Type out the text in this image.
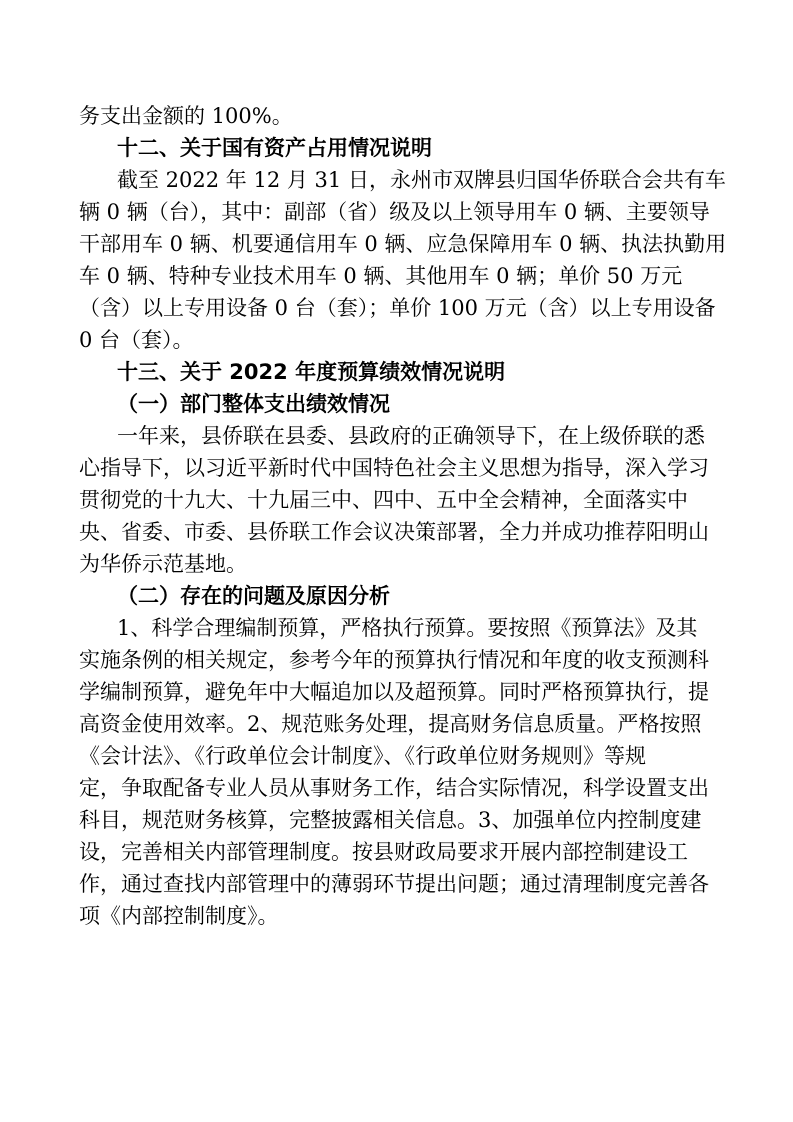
务支出金额的 100%。
十二、关于国有资产占用情况说明
截至 2022 年 12 月 31 日，永州市双牌县归国华侨联合会共有车
辆 0 辆（台），其中：副部（省）级及以上领导用车 0 辆、主要领导
干部用车 0 辆、机要通信用车 0 辆、应急保障用车 0 辆、执法执勤用
车 0 辆、特种专业技术用车 0 辆、其他用车 0 辆；单价 50 万元
（含）以上专用设备 0 台（套）；单价 100 万元（含）以上专用设备
0 台（套）。
十三、关于 2022 年度预算绩效情况说明
（一）部门整体支出绩效情况
一年来，县侨联在县委、县政府的正确领导下，在上级侨联的悉
心指导下，以习近平新时代中国特色社会主义思想为指导，深入学习
贯彻党的十九大、十九届三中、四中、五中全会精神，全面落实中
央、省委、市委、县侨联工作会议决策部署，全力并成功推荐阳明山
为华侨示范基地。
（二）存在的问题及原因分析
1、科学合理编制预算，严格执行预算。要按照《预算法》及其
实施条例的相关规定，参考今年的预算执行情况和年度的收支预测科
学编制预算，避免年中大幅追加以及超预算。同时严格预算执行，提
高资金使用效率。2、规范账务处理，提高财务信息质量。严格按照
《会计法》、《行政单位会计制度》、《行政单位财务规则》等规
定，争取配备专业人员从事财务工作，结合实际情况，科学设置支出
科目，规范财务核算，完整披露相关信息。3、加强单位内控制度建
设，完善相关内部管理制度。按县财政局要求开展内部控制建设工
作，通过查找内部管理中的薄弱环节提出问题；通过清理制度完善各
项《内部控制制度》。
